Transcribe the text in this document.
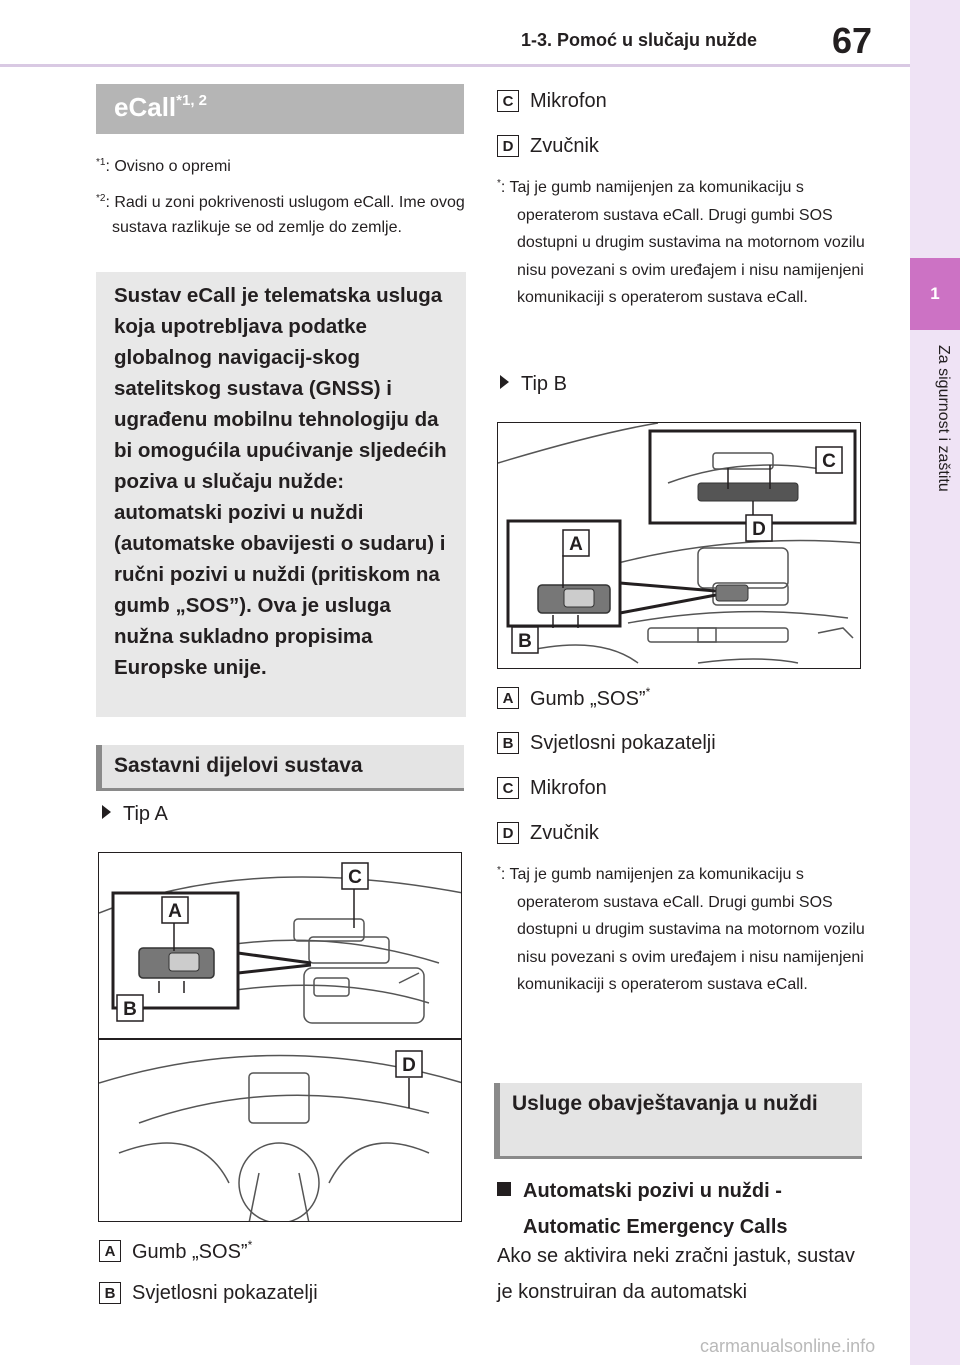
1-3. Pomoć u slučaju nužde 67
1
Za sigurnost i zaštitu
eCall$^{*1, 2}$
$^{*1}$: Ovisno o opremi
$^{*2}$: Radi u zoni pokrivenosti uslugom eCall. Ime ovog sustava razlikuje se od zemlje do zemlje.
Sustav eCall je telematska usluga koja upotrebljava podatke globalnog navigacij-skog satelitskog sustava (GNSS) i ugrađenu mobilnu tehnologiju da bi omogućila upućivanje sljedećih poziva u slučaju nužde: automatski pozivi u nuždi (automatske obavijesti o sudaru) i ručni pozivi u nuždi (pritiskom na gumb „SOS”). Ova je usluga nužna sukladno propisima Europske unije.
Sastavni dijelovi sustava
Tip A
A
B
C
D
A Gumb „SOS”*
B Svjetlosni pokazatelji
C Mikrofon
D Zvučnik
*: Taj je gumb namijenjen za komunikaciju s operaterom sustava eCall. Drugi gumbi SOS dostupni u drugim sustavima na motornom vozilu nisu povezani s ovim uređajem i nisu namijenjeni komunikaciji s operaterom sustava eCall.
Tip B
A
B
C
D
A Gumb „SOS”*
B Svjetlosni pokazatelji
C Mikrofon
D Zvučnik
*: Taj je gumb namijenjen za komunikaciju s operaterom sustava eCall. Drugi gumbi SOS dostupni u drugim sustavima na motornom vozilu nisu povezani s ovim uređajem i nisu namijenjeni komunikaciji s operaterom sustava eCall.
Usluge obavještavanja u nuždi
Automatski pozivi u nuždi -
Automatic Emergency Calls
Ako se aktivira neki zračni jastuk, sustav je konstruiran da automatski
carmanualsonline.info
